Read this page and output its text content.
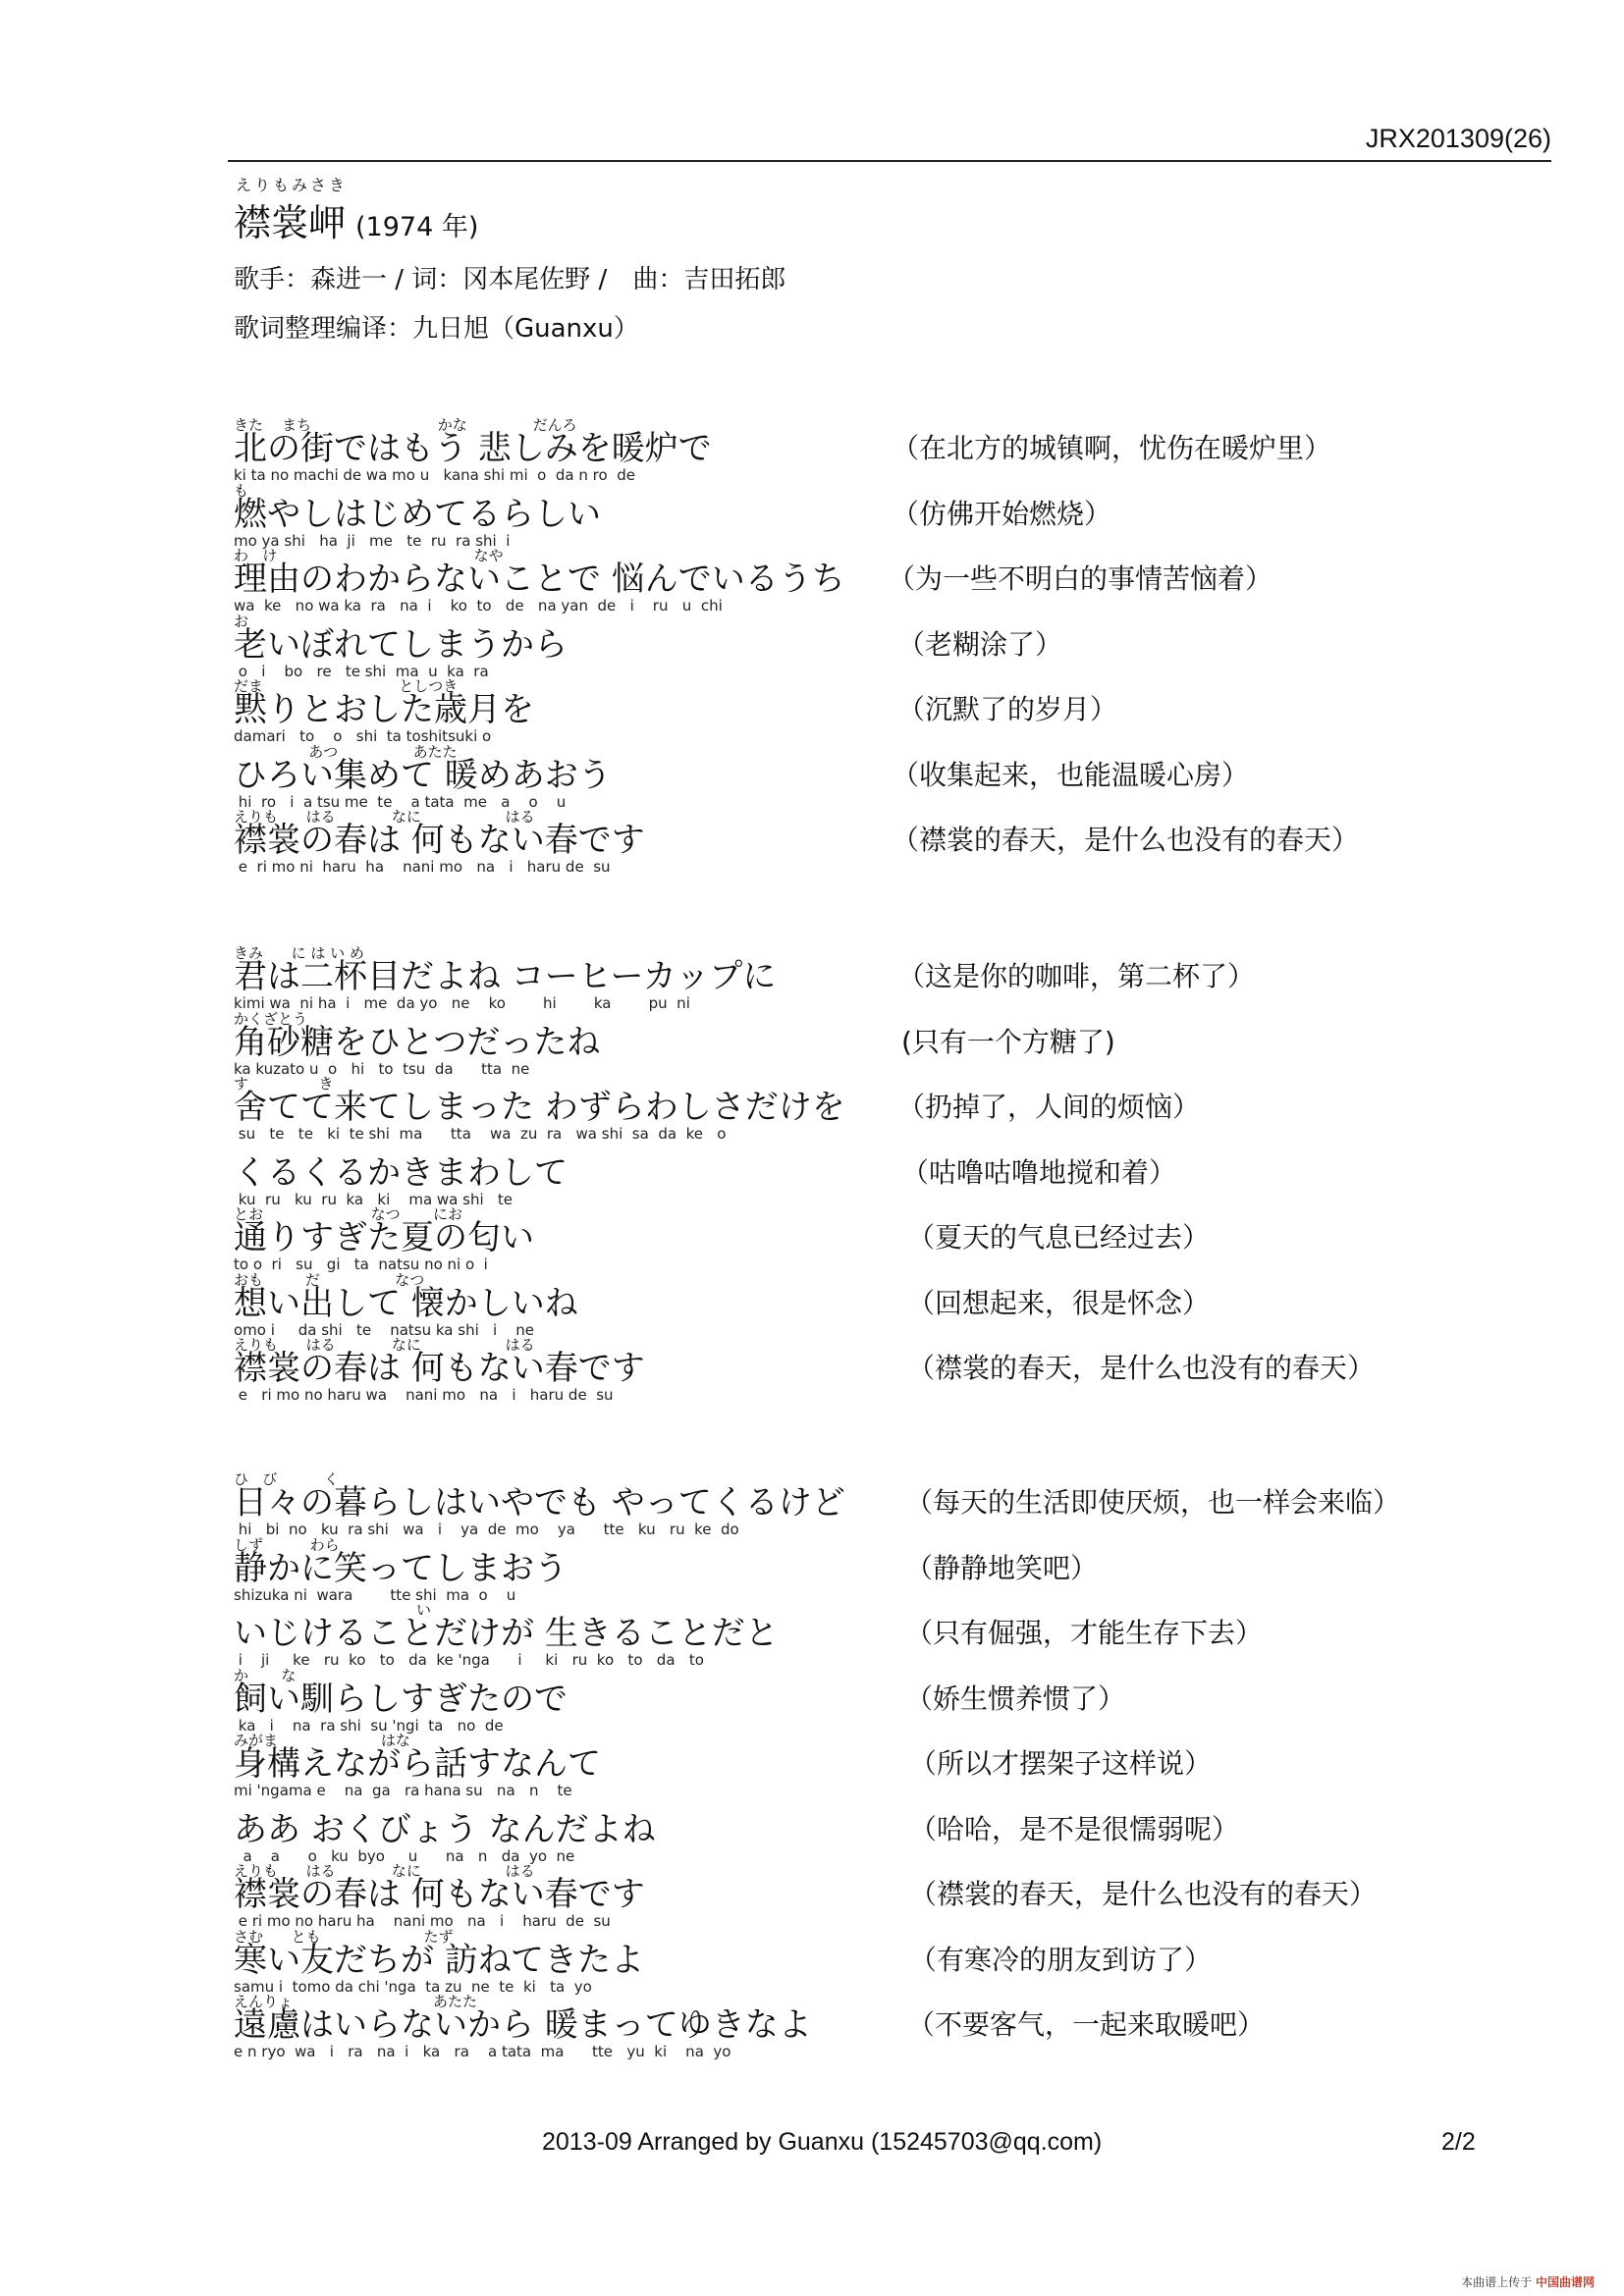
JRX201309(26)
えりもみさき
襟裳岬 (1974 年)
歌手：森进一 / 词：冈本尾佐野 /　曲：吉田拓郎
歌词整理编译：九日旭（Guanxu）
きた    まち                           かな              だんろ
北の街ではもう 悲しみを暖炉で
ki ta no machi de wa mo u   kana shi mi  o  da n ro  de
（在北方的城镇啊，忧伤在暖炉里）
も
燃やしはじめてるらしい
mo ya shi   ha  ji   me   te  ru  ra shi  i
（仿佛开始燃烧）
わ   け                                          なや
理由のわからないことで 悩んでいるうち
wa  ke   no wa ka  ra   na  i    ko  to   de   na yan  de   i    ru   u  chi
（为一些不明白的事情苦恼着）
お
老いぼれてしまうから
o   i    bo   re   te shi  ma  u  ka  ra
（老糊涂了）
だま                             としつき
黙りとおした歳月を
damari   to    o   shi  ta toshitsuki o
（沉默了的岁月）
あつ                あたた
ひろい集めて 暖めあおう
hi  ro   i  a tsu me  te    a tata  me   a    o    u
（收集起来，也能温暖心房）
えりも      はる            なに                  はる
襟裳の春は 何もない春です
e  ri mo ni  haru  ha    nani mo   na   i   haru de  su
（襟裳的春天，是什么也没有的春天）
きみ      に は い め
君は二杯目だよね コーヒーカップに
kimi wa  ni ha  i   me  da yo   ne    ko        hi        ka        pu  ni
（这是你的咖啡，第二杯了）
かくざとう
角砂糖をひとつだったね
ka kuzato u  o   hi   to  tsu  da      tta  ne
(只有一个方糖了)
す               き
舍てて来てしまった わずらわしさだけを
su   te   te   ki  te shi  ma      tta    wa  zu  ra   wa shi  sa  da  ke   o
（扔掉了，人间的烦恼）
くるくるかきまわして
ku  ru   ku  ru  ka   ki    ma wa shi   te
（咕噜咕噜地搅和着）
とお                       なつ       にお
通りすぎた夏の匂い
to o  ri   su   gi   ta  natsu no ni o  i
（夏天的气息已经过去）
おも         だ                なつ
想い出して 懐かしいね
omo i     da shi   te    natsu ka shi   i    ne
（回想起来，很是怀念）
えりも      はる            なに                  はる
襟裳の春は 何もない春です
e   ri mo no haru wa    nani mo   na   i   haru de  su
（襟裳的春天，是什么也没有的春天）
ひ   び          く
日々の暮らしはいやでも やってくるけど
hi   bi  no   ku  ra shi   wa   i    ya  de  mo    ya      tte   ku   ru  ke  do
（每天的生活即使厌烦，也一样会来临）
しず          わら
静かに笑ってしまおう
shizuka ni  wara        tte shi  ma  o    u
（静静地笑吧）
い
いじけることだけが 生きることだと
i    ji     ke   ru  ko   to   da  ke 'nga      i     ki   ru  ko   to   da   to
（只有倔强，才能生存下去）
か       な
飼い馴らしすぎたので
ka   i    na  ra shi  su 'ngi  ta   no  de
（娇生惯养惯了）
みがま                      はな
身構えながら話すなんて
mi 'ngama e    na  ga   ra hana su   na   n    te
（所以才摆架子这样说）
ああ おくびょう なんだよね
a    a      o   ku  byo     u      na   n   da  yo  ne
（哈哈，是不是很懦弱呢）
えりも      はる            なに                  はる
襟裳の春は 何もない春です
e ri mo no haru ha    nani mo   na   i    haru  de  su
（襟裳的春天，是什么也没有的春天）
さむ      とも                      たず
寒い友だちが 訪ねてきたよ
samu i  tomo da chi 'nga  ta zu  ne  te  ki   ta  yo
（有寒冷的朋友到访了）
えんりょ                              あたた
遠慮はいらないから 暖まってゆきなよ
e n ryo  wa   i   ra   na  i   ka   ra    a tata  ma      tte   yu  ki    na  yo
（不要客气，一起来取暖吧）
2013-09 Arranged by Guanxu (15245703@qq.com)	2/2
本曲谱上传于 中国曲谱网
